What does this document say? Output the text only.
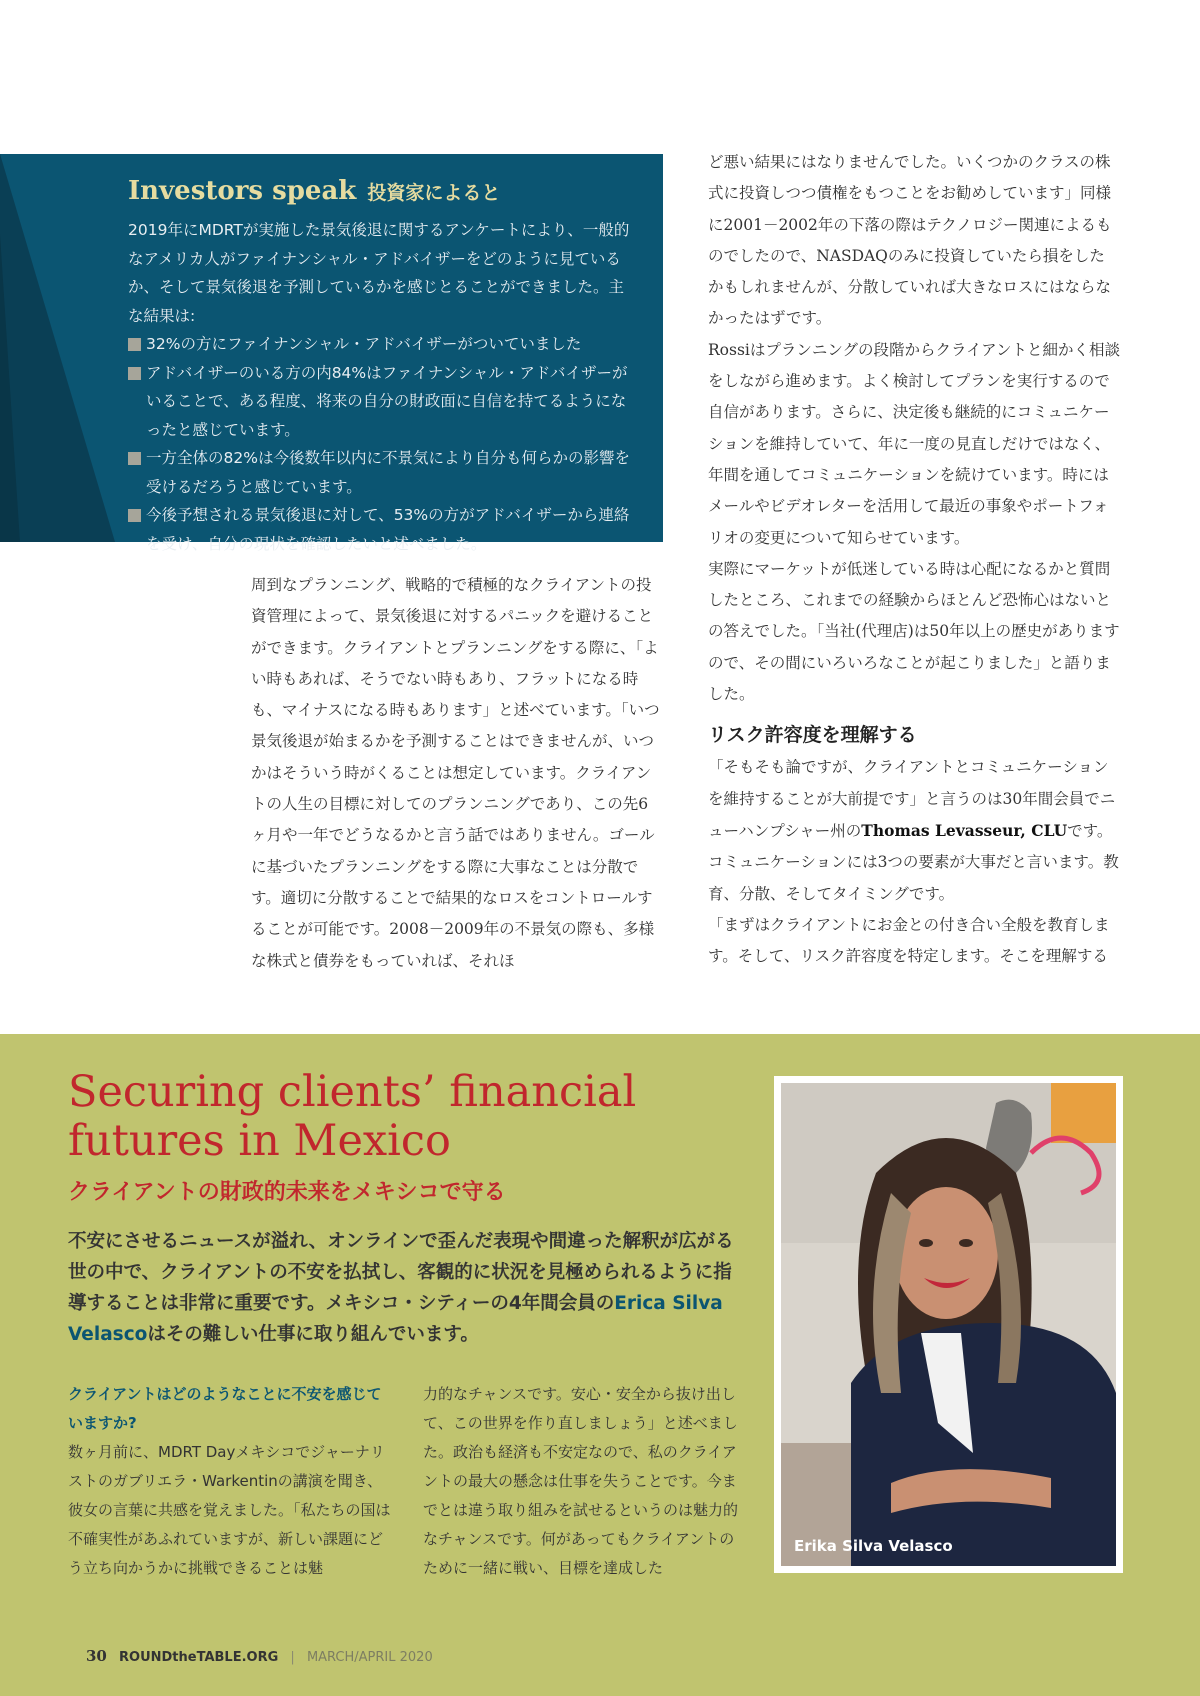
Investors speak 投資家によると

2019年にMDRTが実施した景気後退に関するアンケートにより、一般的なアメリカ人がファイナンシャル・アドバイザーをどのように見ているか、そして景気後退を予測しているかを感じとることができました。主な結果は:

32%の方にファイナンシャル・アドバイザーがついていました
アドバイザーのいる方の内84%はファイナンシャル・アドバイザーがいることで、ある程度、将来の自分の財政面に自信を持てるようになったと感じています。
一方全体の82%は今後数年以内に不景気により自分も何らかの影響を受けるだろうと感じています。
今後予想される景気後退に対して、53%の方がアドバイザーから連絡を受け、自分の現状を確認したいと述べました。

周到なプランニング、戦略的で積極的なクライアントの投資管理によって、景気後退に対するパニックを避けることができます。クライアントとプランニングをする際に、「よい時もあれば、そうでない時もあり、フラットになる時も、マイナスになる時もあります」と述べています。「いつ景気後退が始まるかを予測することはできませんが、いつかはそういう時がくることは想定しています。クライアントの人生の目標に対してのプランニングであり、この先6ヶ月や一年でどうなるかと言う話ではありません。ゴールに基づいたプランニングをする際に大事なことは分散です。適切に分散することで結果的なロスをコントロールすることが可能です。2008－2009年の不景気の際も、多様な株式と債券をもっていれば、それほ

ど悪い結果にはなりませんでした。いくつかのクラスの株式に投資しつつ債権をもつことをお勧めしています」同様に2001－2002年の下落の際はテクノロジー関連によるものでしたので、NASDAQのみに投資していたら損をしたかもしれませんが、分散していれば大きなロスにはならなかったはずです。

Rossiはプランニングの段階からクライアントと細かく相談をしながら進めます。よく検討してプランを実行するので自信があります。さらに、決定後も継続的にコミュニケーションを維持していて、年に一度の見直しだけではなく、年間を通してコミュニケーションを続けています。時にはメールやビデオレターを活用して最近の事象やポートフォリオの変更について知らせています。

実際にマーケットが低迷している時は心配になるかと質問したところ、これまでの経験からほとんど恐怖心はないとの答えでした。「当社(代理店)は50年以上の歴史がありますので、その間にいろいろなことが起こりました」と語りました。

リスク許容度を理解する

「そもそも論ですが、クライアントとコミュニケーションを維持することが大前提です」と言うのは30年間会員でニューハンプシャー州のThomas Levasseur, CLUです。コミュニケーションには3つの要素が大事だと言います。教育、分散、そしてタイミングです。

「まずはクライアントにお金との付き合い全般を教育します。そして、リスク許容度を特定します。そこを理解する

Securing clients’ financial futures in Mexico
クライアントの財政的未来をメキシコで守る
不安にさせるニュースが溢れ、オンラインで歪んだ表現や間違った解釈が広がる世の中で、クライアントの不安を払拭し、客観的に状況を見極められるように指導することは非常に重要です。メキシコ・シティーの4年間会員のErica Silva Velascoはその難しい仕事に取り組んでいます。
クライアントはどのようなことに不安を感じていますか?
数ヶ月前に、MDRT Dayメキシコでジャーナリストのガブリエラ・Warkentinの講演を聞き、彼女の言葉に共感を覚えました。「私たちの国は不確実性があふれていますが、新しい課題にどう立ち向かうかに挑戦できることは魅
力的なチャンスです。安心・安全から抜け出して、この世界を作り直しましょう」と述べました。政治も経済も不安定なので、私のクライアントの最大の懸念は仕事を失うことです。今までとは違う取り組みを試せるというのは魅力的なチャンスです。何があってもクライアントのために一緒に戦い、目標を達成した
Erika Silva Velasco
30 ROUNDtheTABLE.ORG | MARCH/APRIL 2020
